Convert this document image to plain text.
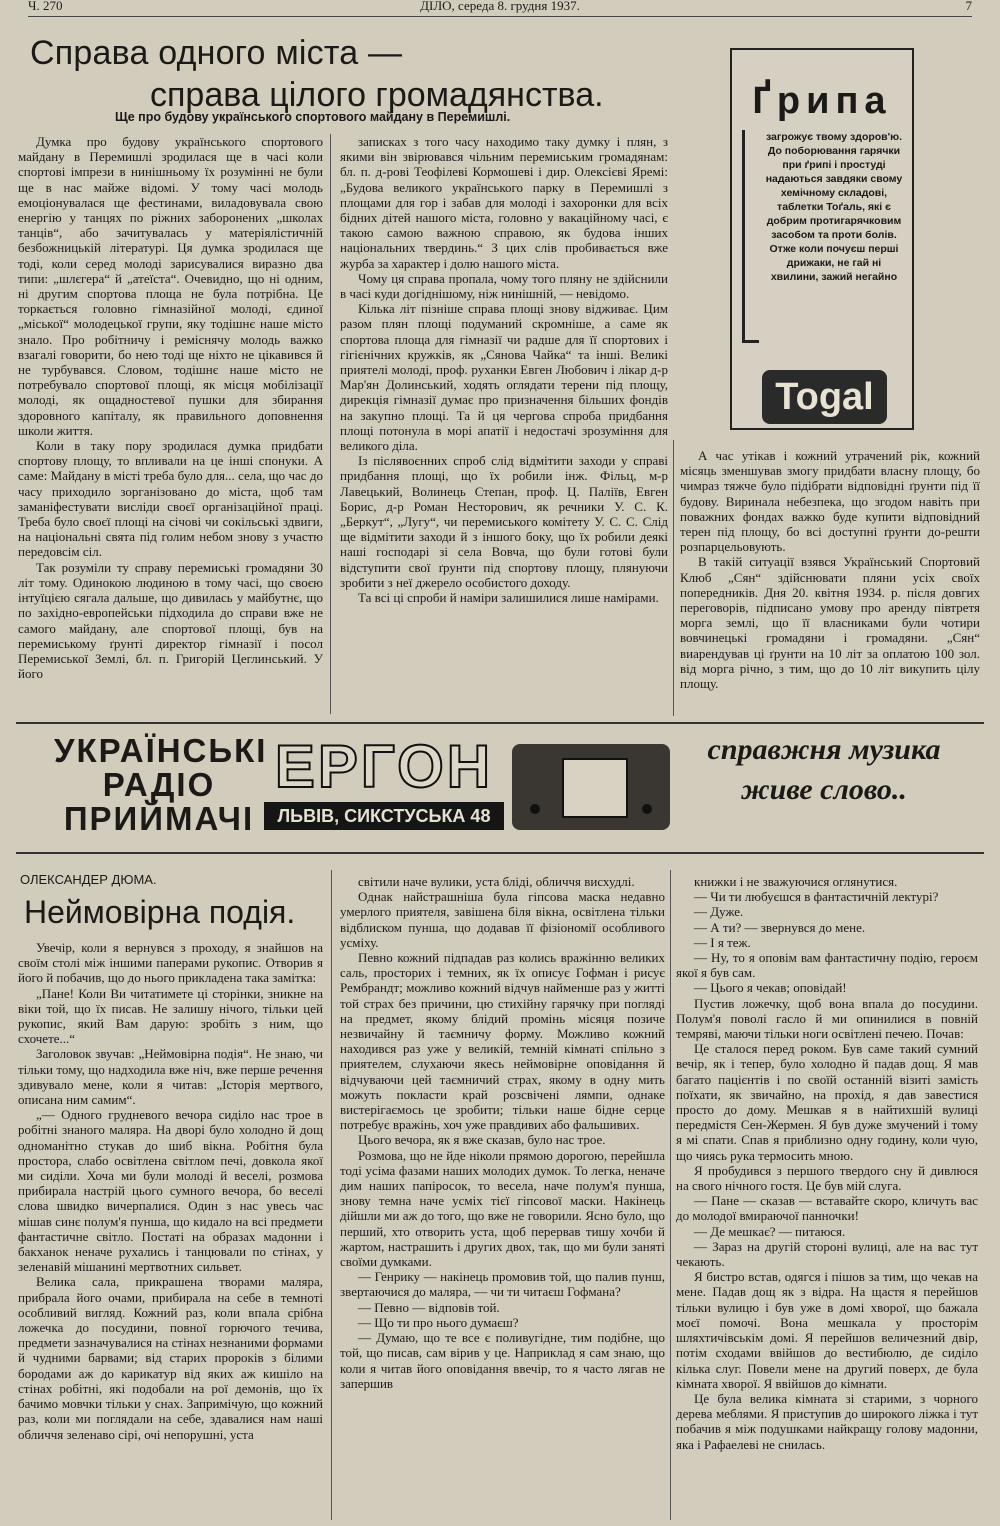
Ч. 270	ДІЛО, середа 8. грудня 1937.	7
Справа одного міста —
справа цілого громадянства.
Ще про будову українського спортового майдану в Перемишлі.

Думка про будову українського спортового майдану в Перемишлі зродилася ще в часі коли спортові імпрези в нинішньому їх розумінні не були ще в нас майже відомі. У тому часі молодь емоціонувалася ще фестинами, виладовувала свою енергію у танцях по ріжних заборонених „школах танців“, або зачитувалась у матеріялістичній безбожницькій літературі. Ця думка зродилася ще тоді, коли серед молоді зарисувалися виразно два типи: „шлєгера“ й „атеїста“. Очевидно, що ні одним, ні другим спортова площа не була потрібна. Це торкається головно гімназійної молоді, єдиної „міської“ молодецької групи, яку тодішнє наше місто знало. Про робітничу і реміснячу молодь важко взагалі говорити, бо нею тоді ще ніхто не цікавився й не турбувався. Словом, тодішнє наше місто не потребувало спортової площі, як місця мобілізації молоді, як ощадностевої пушки для збирання здоровного капіталу, як правильного доповнення школи життя.

Коли в таку пору зродилася думка придбати спортову площу, то впливали на це інші спонуки. А саме: Майдану в місті треба було для... села, що час до часу приходило зорганізовано до міста, щоб там заманіфестувати висліди своєї організаційної праці. Треба було своєї площі на січові чи сокільські здвиги, на національні свята під голим небом знову з участю передовсім сіл.

Так розуміли ту справу перемиські громадяни 30 літ тому. Одинокою людиною в тому часі, що своєю інтуїцією сягала дальше, що дивилась у майбутнє, що по західно-европейськи підходила до справи вже не самого майдану, але спортової площі, був на перемиському ґрунті директор гімназії і посол Перемиської Землі, бл. п. Григорій Цеглинський. У його

записках з того часу находимо таку думку і плян, з якими він звірювався чільним перемиським громадянам: бл. п. д-рові Теофілеві Кормошеві і дир. Олексієві Яремі: „Будова великого українського парку в Перемишлі з площами для гор і забав для молоді і захоронки для всіх бідних дітей нашого міста, головно у вакаційному часі, є такою самою важною справою, як будова інших національних твердинь.“ З цих слів пробивається вже журба за характер і долю нашого міста.

Чому ця справа пропала, чому того пляну не здійснили в часі куди догіднішому, ніж нинішній, — невідомо.

Кілька літ пізніше справа площі знову відживає. Цим разом плян площі подуманий скромніше, а саме як спортова площа для гімназії чи радше для її спортових і гігієнічних кружків, як „Сянова Чайка“ та інші. Великі приятелі молоді, проф. руханки Евген Любович і лікар д-р Мар'ян Долинський, ходять оглядати терени під площу, дирекція гімназії думає про призначення більших фондів на закупно площі. Та й ця чергова спроба придбання площі потонула в морі апатії і недостачі зрозуміння для великого діла.

Із післявоєнних спроб слід відмітити заходи у справі придбання площі, що їх робили інж. Фільц, м-р Лавецький, Волинець Степан, проф. Ц. Паліїв, Евген Борис, д-р Роман Несторович, як речники У. С. К. „Беркут“, „Лугу“, чи перемиського комітету У. С. С. Слід ще відмітити заходи й з іншого боку, що їх робили деякі наші господарі зі села Вовча, що були готові були відступити свої ґрунти під спортову площу, плянуючи зробити з неї джерело особистого доходу.

Та всі ці спроби й наміри залишилися лише намірами.

Ґрипа
загрожує твому здоров'ю. До поборювання гарячки при ґрипі і простуді надаються завдяки свому хемічному складові, таблетки Тоґаль, які є добрим протигарячковим засобом та проти болів. Отже коли почуєш перші дрижаки, не гай ні хвилини, зажий негайно
Togal

А час утікав і кожний утрачений рік, кожний місяць зменшував змогу придбати власну площу, бо чимраз тяжче було підібрати відповідні ґрунти під її будову. Виринала небезпека, що згодом навіть при поважних фондах важко буде купити відповідний терен під площу, бо всі доступні ґрунти до-решти розпарцельовують.

В такій ситуації взявся Український Спортовий Клюб „Сян“ здійснювати пляни усіх своїх попередників. Дня 20. квітня 1934. р. після довгих переговорів, підписано умову про аренду півтретя морга землі, що її власниками були чотири вовчинецькі громадяни і громадяни. „Сян“ виарендував ці ґрунти на 10 літ за оплатою 100 зол. від морга річно, з тим, що до 10 літ викупить цілу площу.

УКРАЇНСЬКІ
РАДІО
ПРИЙМАЧІ
ЕРГОН
ЛЬВІВ, СИКСТУСЬКА 48
справжня музика
живе слово..
ОЛЕКСАНДЕР ДЮМА.
Неймовірна подія.

Увечір, коли я вернувся з проходу, я знайшов на своїм столі між іншими паперами рукопис. Отворив я його й побачив, що до нього прикладена така замітка:

„Пане! Коли Ви читатимете ці сторінки, зникне на віки той, що їх писав. Не залишу нічого, тільки цей рукопис, який Вам дарую: зробіть з ним, що схочете...“

Заголовок звучав: „Неймовірна подія“. Не знаю, чи тільки тому, що надходила вже ніч, вже перше речення здивувало мене, коли я читав: „Історія мертвого, описана ним самим“.

„— Одного грудневого вечора сиділо нас трое в робітні знаного маляра. На дворі було холодно й дощ одноманітно стукав до шиб вікна. Робітня була простора, слабо освітлена світлом печі, довкола якої ми сиділи. Хоча ми були молоді й веселі, розмова прибирала настрій цього сумного вечора, бо веселі слова швидко вичерпалися. Один з нас увесь час мішав синє полум'я пунша, що кидало на всі предмети фантастичне світло. Постаті на образах мадонни і бакханок неначе рухались і танцювали по стінах, у зеленавій мішанині мертвотних сильвет.

Велика сала, прикрашена творами маляра, прибрала його очами, прибирала на себе в темноті особливий вигляд. Кожний раз, коли впала срібна ложечка до посудини, повної горючого течива, предмети зазначувалися на стінах незнаними формами й чудними барвами; від старих пророків з білими бородами аж до карикатур від яких аж кишіло на стінах робітні, які подобали на рої демонів, що їх бачимо мовчки тільки у снах. Запримічую, що кожний раз, коли ми поглядали на себе, здавалися нам наші обличчя зеленаво сірі, очі непорушні, уста

світили наче вулики, уста бліді, обличчя висхудлі.

Однак найстрашніша була гіпсова маска недавно умерлого приятеля, завішена біля вікна, освітлена тільки відблиском пунша, що додавав її фізіономії особливого усміху.

Певно кожний підпадав раз колись вражінню великих саль, просторих і темних, як їх описує Гофман і рисує Рембрандт; можливо кожний відчув найменше раз у житті той страх без причини, цю стихійну гарячку при погляді на предмет, якому блідий промінь місяця позиче незвичайну й таємничу форму. Можливо кожний находився раз уже у великій, темній кімнаті спільно з приятелем, слухаючи якесь неймовірне оповідання й відчуваючи цей таємничий страх, якому в одну мить можуть покласти край розсвічені лямпи, однаке вистерігаємось це зробити; тільки наше бідне серце потребує вражінь, хоч уже правдивих або фальшивих.

Цього вечора, як я вже сказав, було нас трое.

Розмова, що не йде ніколи прямою дорогою, перейшла тоді усіма фазами наших молодих думок. То легка, неначе дим наших папіросок, то весела, наче полум'я пунша, знову темна наче усміх тієї гіпсової маски. Накінець дійшли ми аж до того, що вже не говорили. Ясно було, що перший, хто отворить уста, щоб перервав тишу хочби й жартом, настрашить і других двох, так, що ми були заняті своїми думками.

— Генрику — накінець промовив той, що палив пунш, звертаючися до маляра, — чи ти читаєш Гофмана?

— Певно — відповів той.

— Що ти про нього думаєш?

— Думаю, що те все є поливугідне, тим подібне, що той, що писав, сам вірив у це. Наприклад я сам знаю, що коли я читав його оповідання ввечір, то я часто лягав не запершив

книжки і не зважуючися оглянутися.

— Чи ти любуєшся в фантастичній лектурі?

— Дуже.

— А ти? — звернувся до мене.

— І я теж.

— Ну, то я оповім вам фантастичну подію, героєм якої я був сам.

— Цього я чекав; оповідай!

Пустив ложечку, щоб вона впала до посудини. Полум'я повoлі гасло й ми опинилися в повній темряві, маючи тільки ноги освітлені печею. Почав:

Це сталося перед роком. Був саме такий сумний вечір, як і тепер, було холодно й падав дощ. Я мав багато пацієнтів і по своїй останній візиті замість поїхати, як звичайно, на прохід, я дав завестися просто до дому. Мешкав я в найтихшій вулиці передмістя Сен-Жермен. Я був дуже змучений і тому я мі спати. Спав я приблизно одну годину, коли чую, що чиясь рука термосить мною.

Я пробудився з першого твердого сну й дивлюся на свого нічного гостя. Це був мій слуга.

— Пане — сказав — вставайте скоро, кличуть вас до молодої вмираючої панночки!

— Де мешкає? — питаюся.

— Зараз на другій стороні вулиці, але на вас тут чекають.

Я бистро встав, одягся і пішов за тим, що чекав на мене. Падав дощ як з відра. На щастя я перейшов тільки вулицю і був уже в домі хворої, що бажала моєї помочі. Вона мешкала у просторім шляхтичівськім домі. Я перейшов величезний двір, потім сходами ввійшов до вестибюлю, де сиділо кілька слуг. Повели мене на другий поверх, де була кімната хворої. Я ввійшов до кімнати.

Це була велика кімната зі старими, з чорного дерева меблями. Я приступив до широкого ліжка і тут побачив я між подушками найкращу голову мадонни, яка і Рафаелеві не снилась.
